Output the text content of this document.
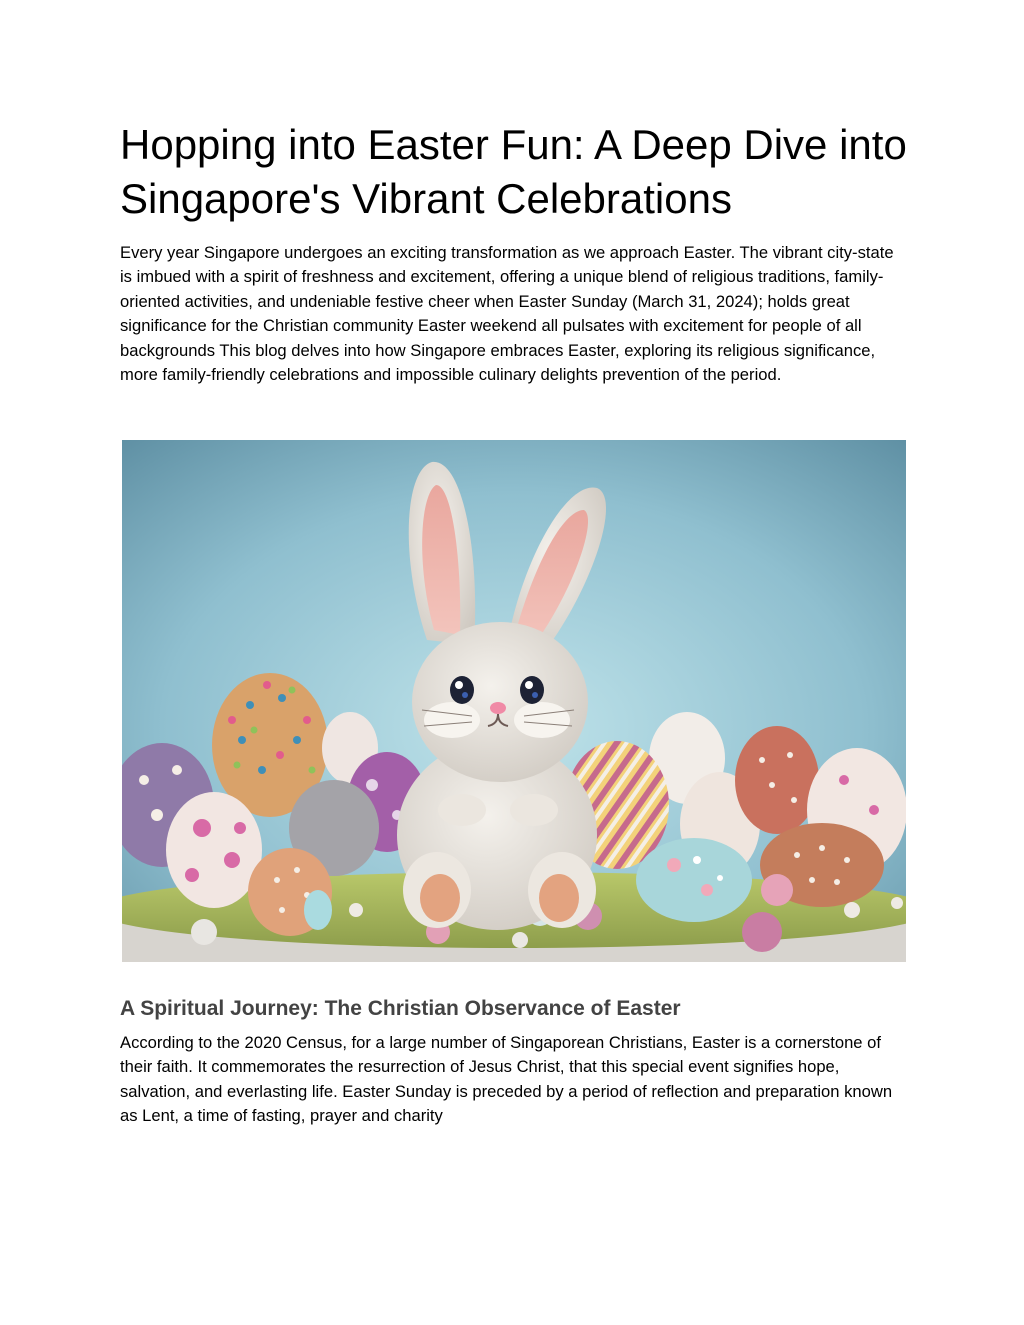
Hopping into Easter Fun: A Deep Dive into Singapore's Vibrant Celebrations

Every year Singapore undergoes an exciting transformation as we approach Easter. The vibrant city-state is imbued with a spirit of freshness and excitement, offering a unique blend of religious traditions, family-oriented activities, and undeniable festive cheer when Easter Sunday (March 31, 2024); holds great significance for the Christian community Easter weekend all pulsates with excitement for people of all backgrounds This blog delves into how Singapore embraces Easter, exploring its religious significance, more family-friendly celebrations and impossible culinary delights prevention of the period.

A Spiritual Journey: The Christian Observance of Easter

According to the 2020 Census, for a large number of Singaporean Christians, Easter is a cornerstone of their faith. It commemorates the resurrection of Jesus Christ, that this special event signifies hope, salvation, and everlasting life. Easter Sunday is preceded by a period of reflection and preparation known as Lent, a time of fasting, prayer and charity
